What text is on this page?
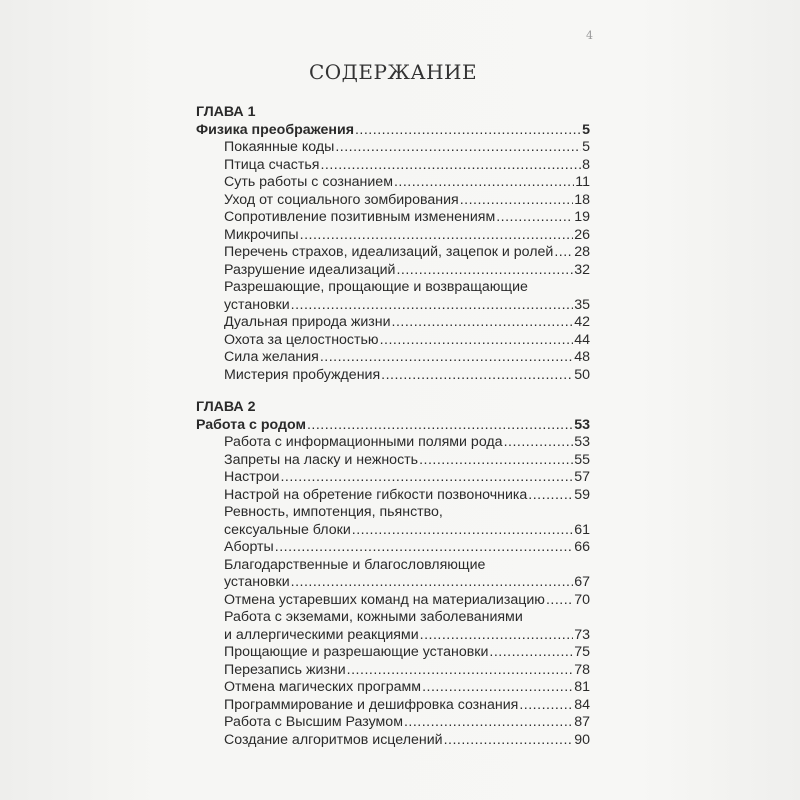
4
СОДЕРЖАНИЕ
ГЛАВА 1
Физика преображения .....	5
Покаянные коды .....	5
Птица счастья .....	8
Суть работы с сознанием .....	11
Уход от социального зомбирования .....	18
Сопротивление позитивным изменениям .....	19
Микрочипы .....	26
Перечень страхов, идеализаций, зацепок и ролей ..... 28
Разрушение идеализаций .....	32
Разрешающие, прощающие и возвращающие
установки .....	35
Дуальная природа жизни .....	42
Охота за целостностью .....	44
Сила желания .....	48
Мистерия пробуждения .....	50
ГЛАВА 2
Работа с родом .....	53
Работа с информационными полями рода .....	53
Запреты на ласку и нежность .....	55
Настрои .....	57
Настрой на обретение гибкости позвоночника .....	59
Ревность, импотенция, пьянство,
сексуальные блоки .....	61
Аборты .....	66
Благодарственные и благословляющие
установки .....	67
Отмена устаревших команд на материализацию ..... 70
Работа с экземами, кожными заболеваниями
и аллергическими реакциями .....	73
Прощающие и разрешающие установки .....	75
Перезапись жизни .....	78
Отмена магических программ .....	81
Программирование и дешифровка сознания .....	84
Работа с Высшим Разумом .....	87
Создание алгоритмов исцелений .....	90
